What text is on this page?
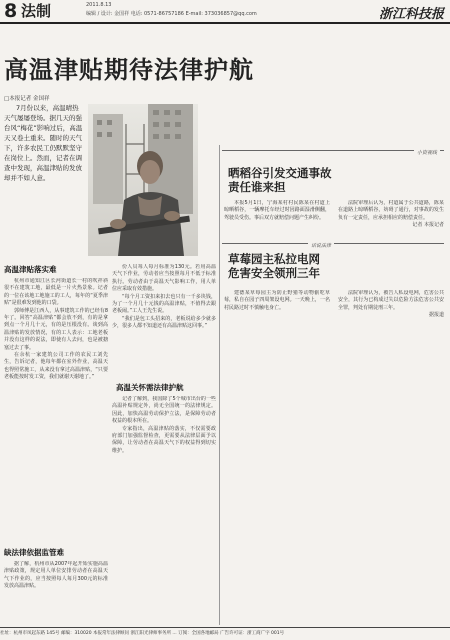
8 法制	2011.8.13
编辑 / 设计: 金国祥 电话: 0571-86757186 E-mail: 373036857@qq.com	浙江科技报
高温津贴期待法律护航
□本报记者 金国祥

7月份以来，高温晴热天气屡屡登场。据几天的强台风“梅花”影响过后，高温天又卷土重来。随时的天气下，许多农民工仍默默坚守在岗位上。然而，记者在调查中发现，高温津贴的发放却并不如人意。

高温津贴落实难

杭州市通知江区长河街道长一村的吹祥斜很不在建筑工地，最低是一片火热景象。记者的一位在该地工地施工的工人，每年的“夏季津贴”是很难发到他的口袋。

郭师傅是江西人，从事建筑工作的已经有8年了。回答“高温津贴”都会放不到，有的是拿到点一个月几十元，有的是压根没有。谈到高温津贴的发放情况，有的工人表示：工地老板并没有这样的说法，即使有人去问，也是被搪塞过去了事。

在余杭一家建筑公司工作的农民工刘先生，告诉记者，他每年都在室外作业，高温天也得照常施工，从来没有拿过高温津贴，“只要老板能按时发工资，我们就谢天谢地了。”

缺法律依据监管难

据了解，杭州市从2007年起开始实施高温津贴政策，规定用人单位安排劳动者在高温天气下作业的，应当按照每人每月300元的标准发放高温津贴。

份人员每人每月标准为130元。若用高温天气下作业，劳动者应当按照每月不低于标准执行。劳动者由于高温天气影响工作，用人单位应采取有效措施。

“每个月工资扣来扣去也只有一千多块钱，为了一个月几十元钱的高温津贴，不值得去跟老板闹。”工人王先生说。

“我们是包工头招来的，老板说给多少就多少，很多人都不知道还有高温津贴这回事。”

高温关怀需法律护航

记者了解到，我国除了5个城市出台的一些高温补贴规定外，尚无全国统一的法律规定。因此，加快高温劳动保护立法，是保障劳动者权益的根本所在。

专家指出，高温津贴的落实，不仅需要政府部门加强监督检查，更需要从法律层面予以保障，让劳动者在高温天气下的权益得到切实维护。

小资视线
晒稻谷引发交通事故
责任谁来担

本报5月1日，宁海某村村民陈某在村道上晾晒稻谷，一辆摩托车经过时因路面湿滑侧翻，驾驶员受伤。事后双方就赔偿问题产生纠纷。

法院审理后认为，村道属于公共道路，陈某在道路上晾晒稻谷，妨碍了通行，对事故的发生负有一定责任，应承担相应的赔偿责任。

记者 本报记者

话说法律
草莓园主私拉电网
危害安全领刑三年

建德某草莓园主为防止野猪等动物偷吃草莓，私自在园子四周架设电网。一天晚上，一名村民路过时不慎触电身亡。

法院审理认为，被告人私设电网，危害公共安全，其行为已构成过失以危险方法危害公共安全罪，判处有期徒刑三年。

据报道

社址：杭州市凤起东路 145号 邮编：310020 本报常年法律顾问 浙江阳光律师事务所 ... 订阅：全国各地邮局 广告许可证：浙工商广字 001号
